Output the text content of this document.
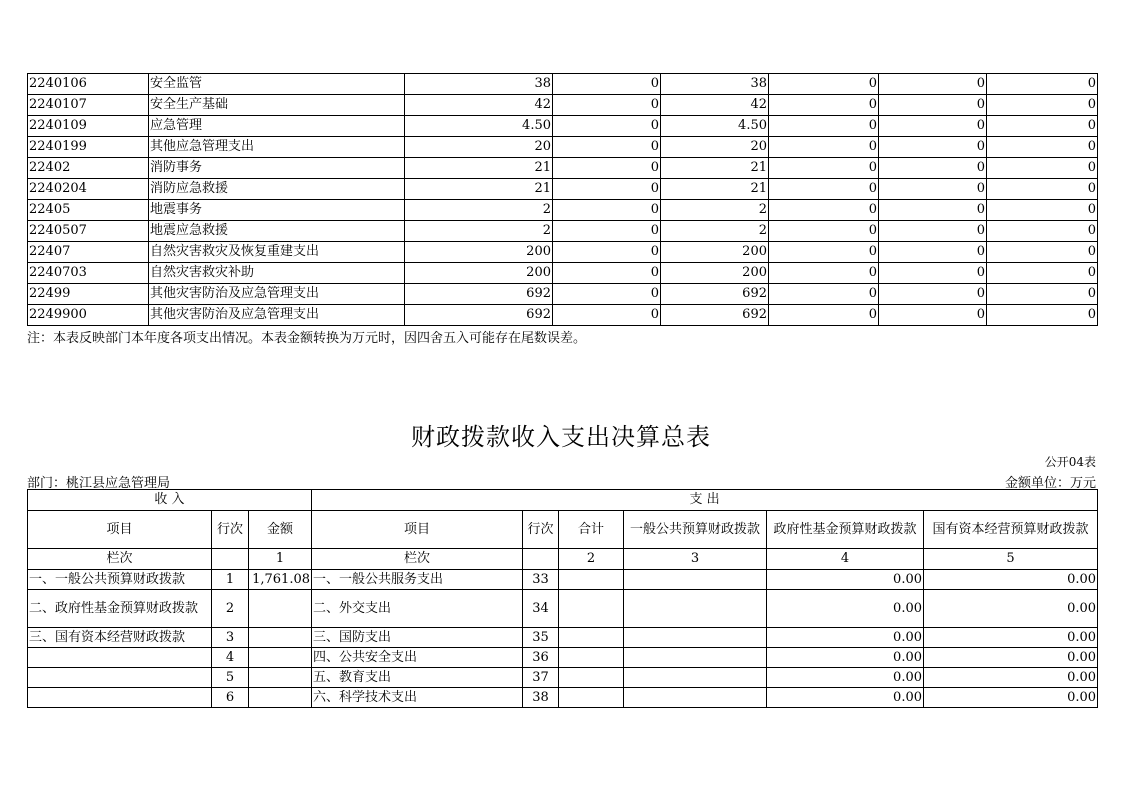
2240106	安全监管	38	0	38	0	0	0
2240107	安全生产基础	42	0	42	0	0	0
2240109	应急管理	4.50	0	4.50	0	0	0
2240199	其他应急管理支出	20	0	20	0	0	0
22402	消防事务	21	0	21	0	0	0
2240204	消防应急救援	21	0	21	0	0	0
22405	地震事务	2	0	2	0	0	0
2240507	地震应急救援	2	0	2	0	0	0
22407	自然灾害救灾及恢复重建支出	200	0	200	0	0	0
2240703	自然灾害救灾补助	200	0	200	0	0	0
22499	其他灾害防治及应急管理支出	692	0	692	0	0	0
2249900	其他灾害防治及应急管理支出	692	0	692	0	0	0
注：本表反映部门本年度各项支出情况。本表金额转换为万元时，因四舍五入可能存在尾数误差。
财政拨款收入支出决算总表
公开04表
部门：桃江县应急管理局	金额单位：万元
收 入			支 出					
项目	行次	金额	项目	行次	合计	一般公共预算财政拨款	政府性基金预算财政拨款	国有资本经营预算财政拨款
栏次		1	栏次		2	3	4	5
一、一般公共预算财政拨款	1	1,761.08	一、一般公共服务支出	33			0.00	0.00
二、政府性基金预算财政拨款	2		二、外交支出	34			0.00	0.00
三、国有资本经营财政拨款	3		三、国防支出	35			0.00	0.00
	4		四、公共安全支出	36			0.00	0.00
	5		五、教育支出	37			0.00	0.00
	6		六、科学技术支出	38			0.00	0.00
